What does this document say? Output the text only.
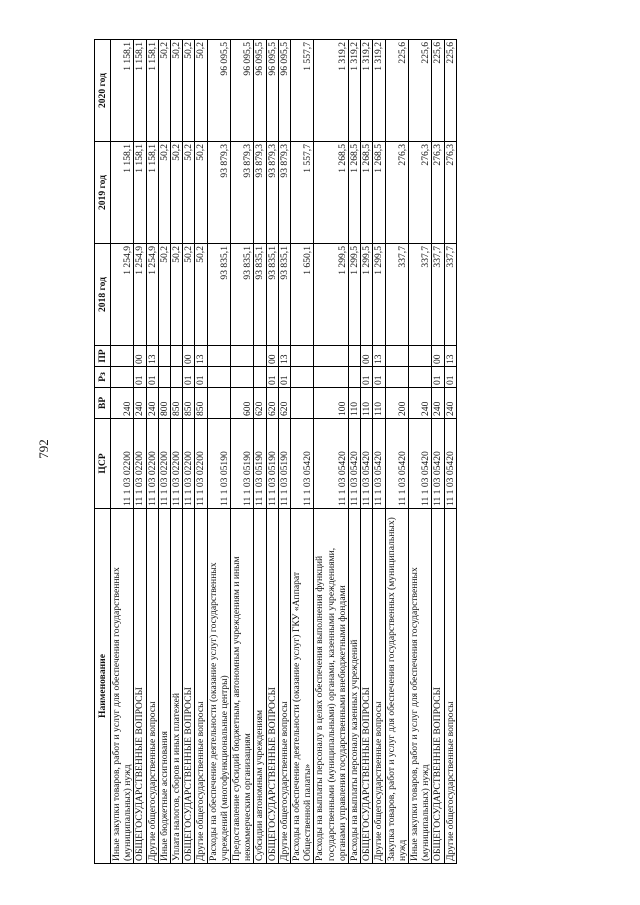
792
Наименование	ЦСР	ВР	Рз	ПР	2018 год	2019 год	2020 год
Иные закупки товаров, работ и услуг для обеспечения государственных (муниципальных) нужд	11 1 03 02200	240			1 254,9	1 158,1	1 158,1
ОБЩЕГОСУДАРСТВЕННЫЕ ВОПРОСЫ	11 1 03 02200	240	01	00	1 254,9	1 158,1	1 158,1
Другие общегосударственные вопросы	11 1 03 02200	240	01	13	1 254,9	1 158,1	1 158,1
Иные бюджетные ассигнования	11 1 03 02200	800			50,2	50,2	50,2
Уплата налогов, сборов и иных платежей	11 1 03 02200	850			50,2	50,2	50,2
ОБЩЕГОСУДАРСТВЕННЫЕ ВОПРОСЫ	11 1 03 02200	850	01	00	50,2	50,2	50,2
Другие общегосударственные вопросы	11 1 03 02200	850	01	13	50,2	50,2	50,2
Расходы на обеспечение деятельности (оказание услуг) государственных учреждений (многофункциональные центры)	11 1 03 05190				93 835,1	93 879,3	96 095,5
Предоставление субсидий бюджетным, автономным учреждениям и иным некоммерческим организациям	11 1 03 05190	600			93 835,1	93 879,3	96 095,5
Субсидии автономным учреждениям	11 1 03 05190	620			93 835,1	93 879,3	96 095,5
ОБЩЕГОСУДАРСТВЕННЫЕ ВОПРОСЫ	11 1 03 05190	620	01	00	93 835,1	93 879,3	96 095,5
Другие общегосударственные вопросы	11 1 03 05190	620	01	13	93 835,1	93 879,3	96 095,5
Расходы на обеспечение деятельности (оказание услуг) ГКУ «Аппарат Общественной палаты»	11 1 03 05420				1 650,1	1 557,7	1 557,7
Расходы на выплаты персоналу в целях обеспечения выполнения функций государственными (муниципальными) органами, казенными учреждениями, органами управления государственными внебюджетными фондами	11 1 03 05420	100			1 299,5	1 268,5	1 319,2
Расходы на выплаты персоналу казенных учреждений	11 1 03 05420	110			1 299,5	1 268,5	1 319,2
ОБЩЕГОСУДАРСТВЕННЫЕ ВОПРОСЫ	11 1 03 05420	110	01	00	1 299,5	1 268,5	1 319,2
Другие общегосударственные вопросы	11 1 03 05420	110	01	13	1 299,5	1 268,5	1 319,2
Закупка товаров, работ и услуг для обеспечения государственных (муниципальных) нужд	11 1 03 05420	200			337,7	276,3	225,6
Иные закупки товаров, работ и услуг для обеспечения государственных (муниципальных) нужд	11 1 03 05420	240			337,7	276,3	225,6
ОБЩЕГОСУДАРСТВЕННЫЕ ВОПРОСЫ	11 1 03 05420	240	01	00	337,7	276,3	225,6
Другие общегосударственные вопросы	11 1 03 05420	240	01	13	337,7	276,3	225,6
